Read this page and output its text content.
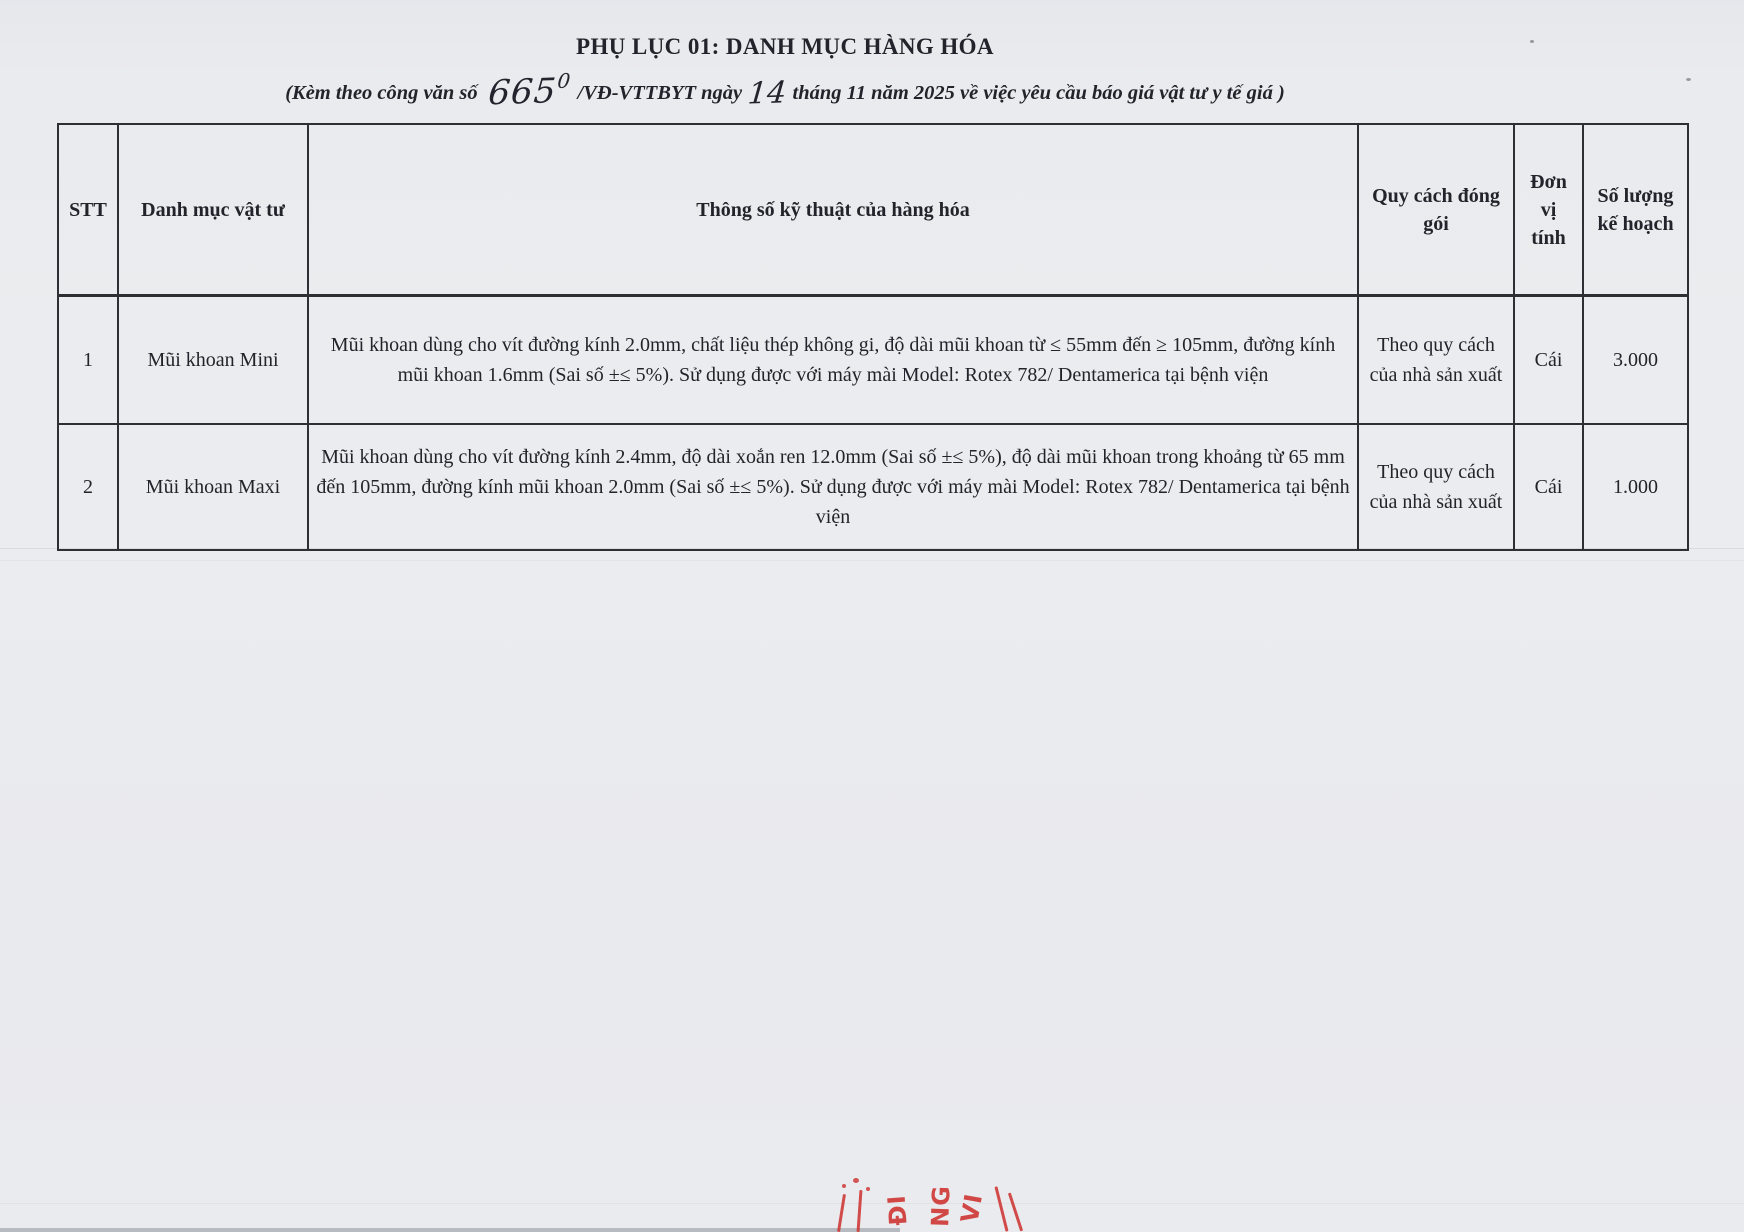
PHỤ LỤC 01: DANH MỤC HÀNG HÓA
(Kèm theo công văn số $665^0$ /VĐ-VTTBYT ngày 14 tháng 11 năm 2025 về việc yêu cầu báo giá vật tư y tế giá )
STT	Danh mục vật tư	Thông số kỹ thuật của hàng hóa	Quy cách đóng gói	Đơn vị tính	Số lượng kế hoạch
1	Mũi khoan Mini	Mũi khoan dùng cho vít đường kính 2.0mm, chất liệu thép không gi, độ dài mũi khoan từ ≤ 55mm đến ≥ 105mm, đường kính mũi khoan 1.6mm (Sai số ±≤ 5%). Sử dụng được với máy mài Model: Rotex 782/ Dentamerica tại bệnh viện	Theo quy cách của nhà sản xuất	Cái	3.000
2	Mũi khoan Maxi	Mũi khoan dùng cho vít đường kính 2.4mm, độ dài xoắn ren 12.0mm (Sai số ±≤ 5%), độ dài mũi khoan trong khoảng từ 65 mm đến 105mm, đường kính mũi khoan 2.0mm (Sai số ±≤ 5%). Sử dụng được với máy mài Model: Rotex 782/ Dentamerica tại bệnh viện	Theo quy cách của nhà sản xuất	Cái	1.000
ĐI NG VI
